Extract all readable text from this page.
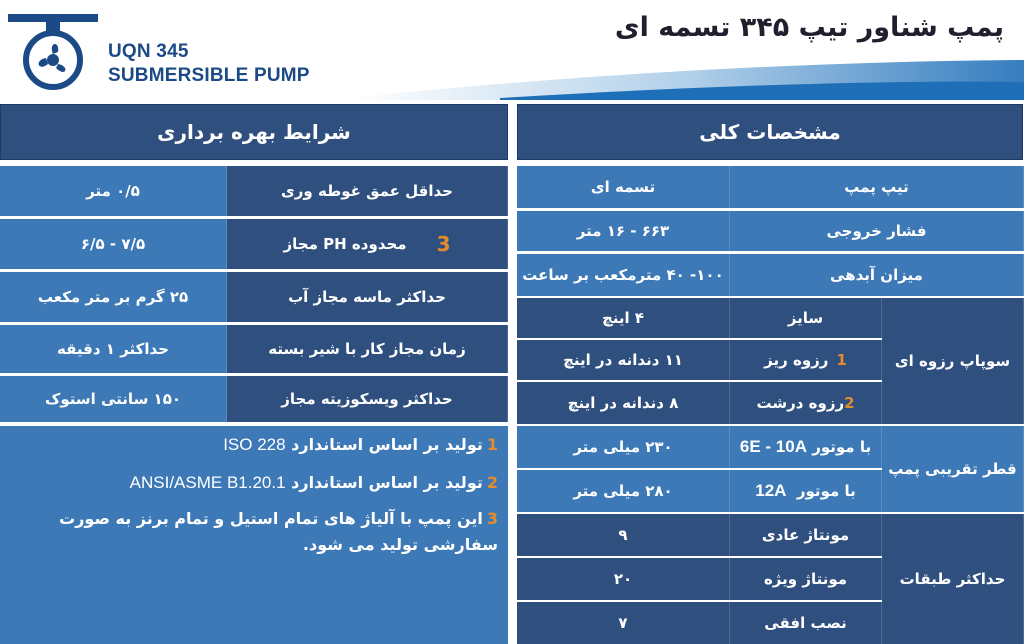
UQN 345
SUBMERSIBLE PUMP
پمپ شناور تیپ ۳۴۵ تسمه ای
مشخصات کلی
شرایط بهره برداری
تیپ پمپ
تسمه ای
فشار خروجی
۶۶۳ - ۱۶ متر
میزان آبدهی
۱۰۰- ۴۰ مترمکعب بر ساعت
سوپاپ رزوه ای
سایز
۴ اینچ
1
رزوه ریز
۱۱ دندانه در اینچ
2
رزوه درشت
۸ دندانه در اینچ
قطر تقریبی پمپ
با موتور

6E - 10A
۲۳۰ میلی متر
با موتور

12A
۲۸۰ میلی متر
حداکثر طبقات
مونتاژ عادی
۹
مونتاژ ویژه
۲۰
نصب افقی
۷
حداقل عمق غوطه وری
۰/۵ متر
3
محدوده PH مجاز
۷/۵ - ۶/۵
حداکثر ماسه مجاز آب
۲۵ گرم بر متر مکعب
زمان مجاز کار با شیر بسته
حداکثر ۱ دقیقه
حداکثر ویسکوزیته مجاز
۱۵۰ سانتی استوک
1تولید بر اساس استاندارد ISO 228
2تولید بر اساس استاندارد ANSI/ASME B1.20.1
3این پمپ با آلیاژ های تمام استیل و تمام برنز به صورت سفارشی تولید می شود.
